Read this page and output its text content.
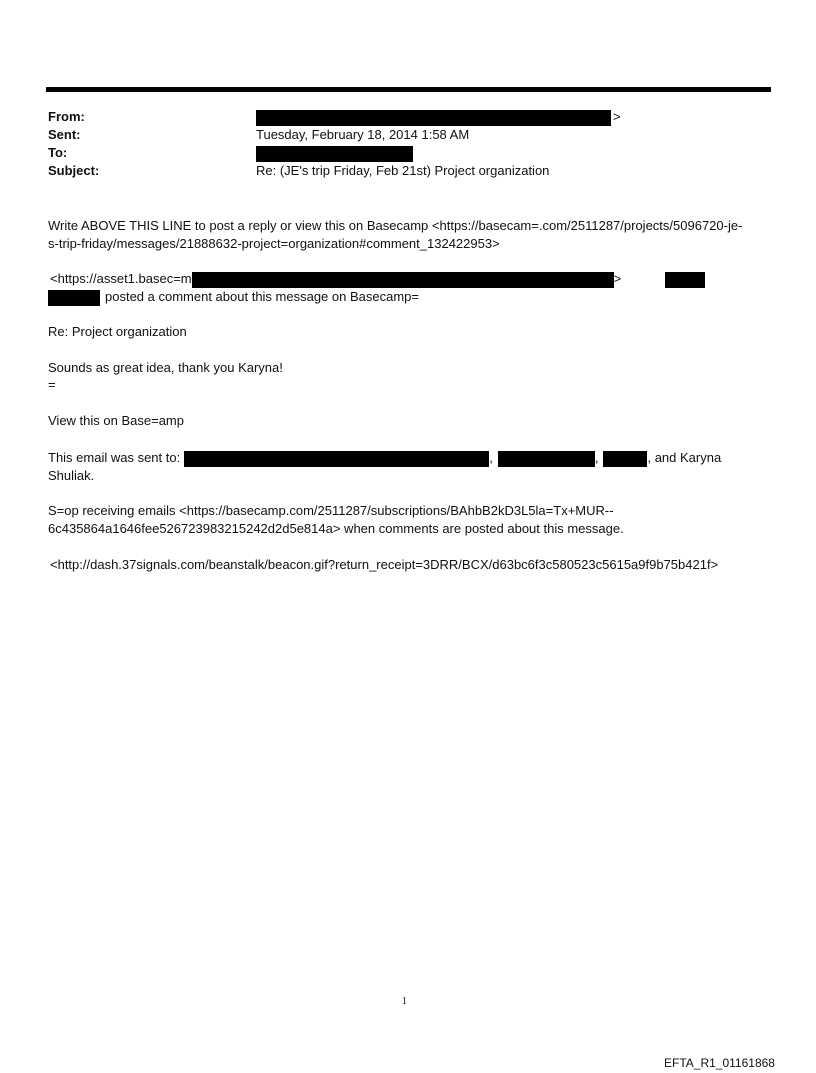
From:	>
Sent:	Tuesday, February 18, 2014 1:58 AM
To:
Subject:	Re: (JE's trip Friday, Feb 21st) Project organization
Write ABOVE THIS LINE to post a reply or view this on Basecamp <https://basecam=.com/2511287/projects/5096720-je-
s-trip-friday/messages/21888632-project=organization#comment_132422953>
<https://asset1.basec=m	>
posted a comment about this message on Basecamp=
Re: Project organization
Sounds as great idea, thank you Karyna!
=
View this on Base=amp
This email was sent to:	,	,	, and Karyna
Shuliak.
S=op receiving emails <https://basecamp.com/2511287/subscriptions/BAhbB2kD3L5la=Tx+MUR--
6c435864a1646fee526723983215242d2d5e814a> when comments are posted about this message.
<http://dash.37signals.com/beanstalk/beacon.gif?return_receipt=3DRR/BCX/d63bc6f3c580523c5615a9f9b75b421f>
1
EFTA_R1_01161868
